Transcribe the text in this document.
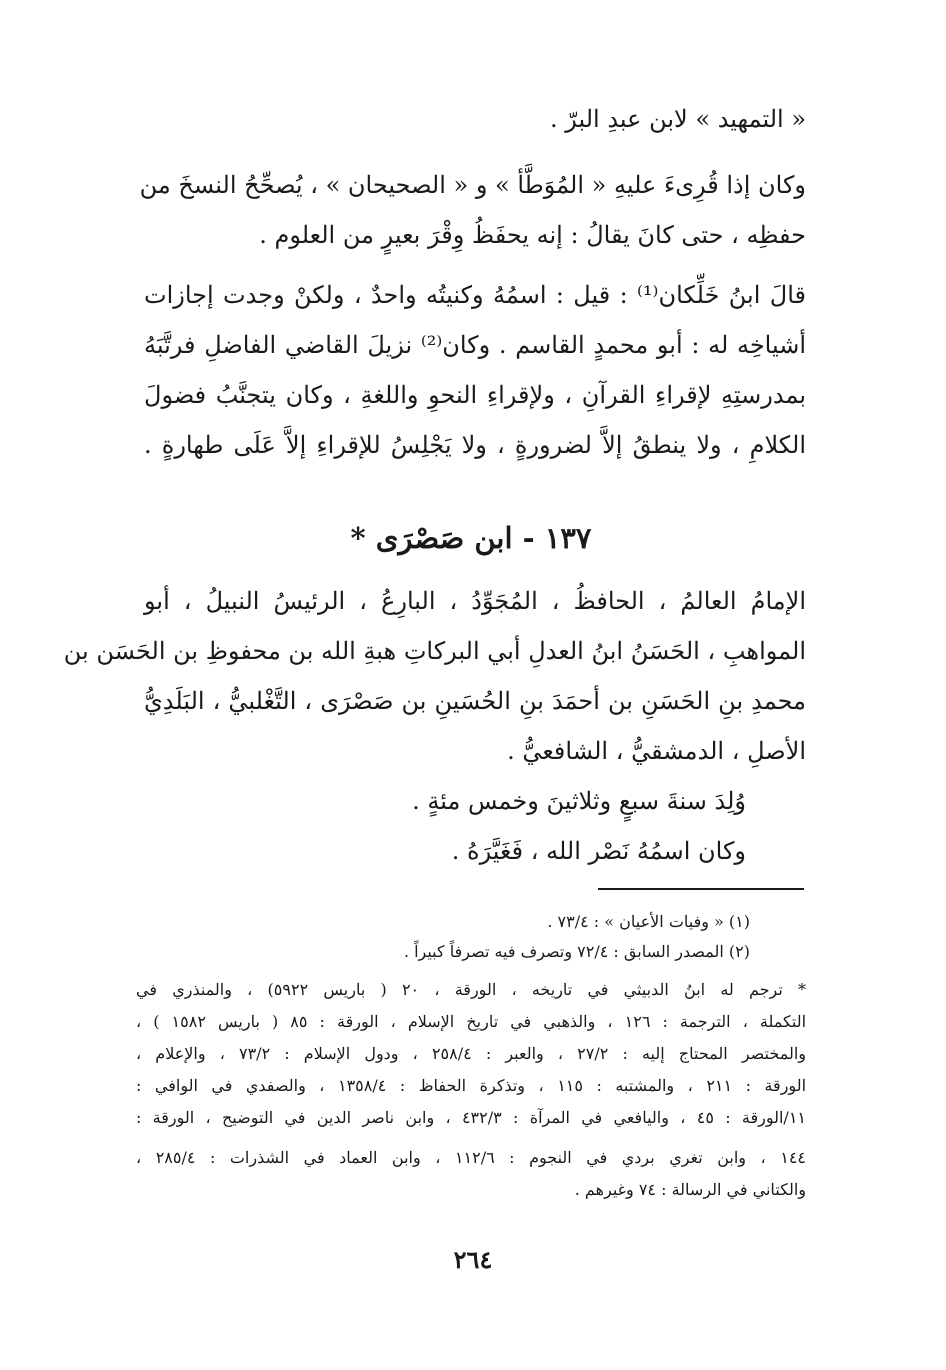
« التمهيد » لابن عبدِ البرّ .
وكان إذا قُرِىءَ عليهِ « المُوَطَّأ » و « الصحيحان » ، يُصحِّحُ النسخَ من
حفظِه ، حتى كانَ يقالُ : إنه يحفَظُ وِقْرَ بعيرٍ من العلوم .
قالَ ابنُ خَلِّكان⁽¹⁾ : قيل : اسمُهُ وكنيتُه واحدٌ ، ولكنْ وجدت إجازات
أشياخِه له : أبو محمدٍ القاسم . وكان⁽²⁾ نزيلَ القاضي الفاضلِ فرتَّبَهُ
بمدرستِهِ لإقراءِ القرآنِ ، ولإقراءِ النحوِ واللغةِ ، وكان يتجنَّبُ فضولَ
الكلامِ ، ولا ينطقُ إلاَّ لضرورةٍ ، ولا يَجْلِسُ للإقراءِ إلاَّ عَلَى طهارةٍ .
١٣٧ - ابن صَصْرَى *
الإمامُ العالمُ ، الحافظُ ، المُجَوِّدُ ، البارِعُ ، الرئيسُ النبيلُ ، أبو
المواهبِ ، الحَسَنُ ابنُ العدلِ أبي البركاتِ هبةِ الله بن محفوظِ بن الحَسَن بن
محمدِ بنِ الحَسَنِ بن أحمَدَ بنِ الحُسَينِ بن صَصْرَى ، التَّغْلبيُّ ، البَلَدِيُّ
الأصلِ ، الدمشقيُّ ، الشافعيُّ .
وُلِدَ سنةَ سبعٍ وثلاثينَ وخمس مئةٍ .
وكان اسمُهُ نَصْر الله ، فَغَيَّرَهُ .
(١) « وفيات الأعيان » : ٧٣/٤ .
(٢) المصدر السابق : ٧٢/٤ وتصرف فيه تصرفاً كبيراً .
* ترجم له ابنُ الدبيثي في تاريخه ، الورقة ، ٢٠ ( باريس ٥٩٢٢) ، والمنذري في
التكملة ، الترجمة : ١٢٦ ، والذهبي في تاريخ الإسلام ، الورقة : ٨٥ ( باريس ١٥٨٢ ) ،
والمختصر المحتاج إليه : ٢٧/٢ ، والعبر : ٢٥٨/٤ ، ودول الإسلام : ٧٣/٢ ، والإعلام ،
الورقة : ٢١١ ، والمشتبه : ١١٥ ، وتذكرة الحفاظ : ١٣٥٨/٤ ، والصفدي في الوافي :
١١/الورقة : ٤٥ ، واليافعي في المرآة : ٤٣٢/٣ ، وابن ناصر الدين في التوضيح ، الورقة :
١٤٤ ، وابن تغري بردي في النجوم : ١١٢/٦ ، وابن العماد في الشذرات : ٢٨٥/٤ ،
والكتاني في الرسالة : ٧٤ وغيرهم .
٢٦٤
